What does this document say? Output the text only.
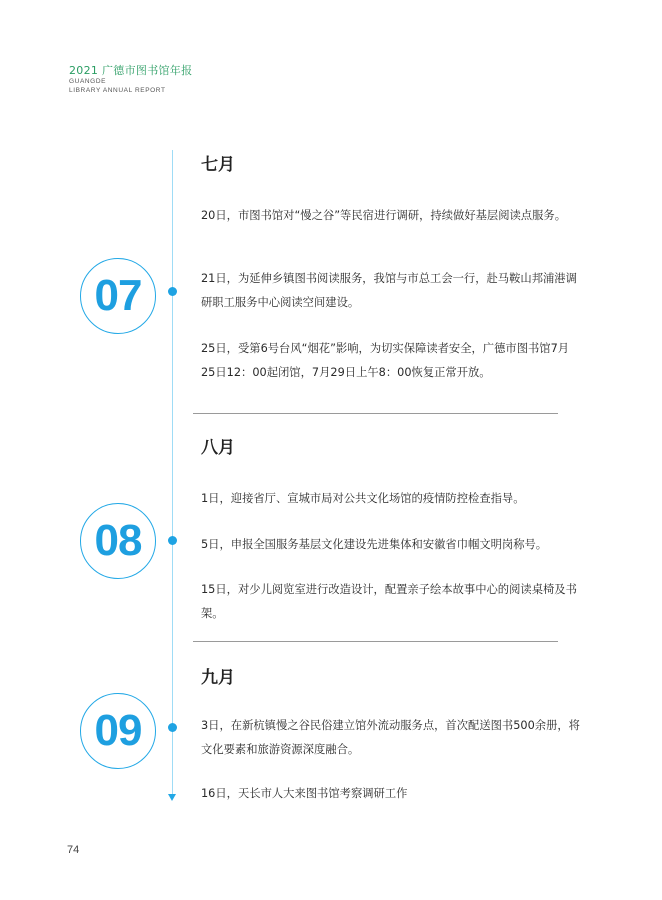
2021 广德市图书馆年报
GUANGDE
LIBRARY ANNUAL REPORT
07
七月
20日，市图书馆对“慢之谷”等民宿进行调研，持续做好基层阅读点服务。
21日，为延伸乡镇图书阅读服务，我馆与市总工会一行，赴马鞍山邦浦港调研职工服务中心阅读空间建设。
25日，受第6号台风“烟花”影响，为切实保障读者安全，广德市图书馆7月25日12：00起闭馆，7月29日上午8：00恢复正常开放。
08
八月
1日，迎接省厅、宣城市局对公共文化场馆的疫情防控检查指导。
5日，申报全国服务基层文化建设先进集体和安徽省巾帼文明岗称号。
15日，对少儿阅览室进行改造设计，配置亲子绘本故事中心的阅读桌椅及书架。
09
九月
3日，在新杭镇慢之谷民俗建立馆外流动服务点，首次配送图书500余册，将文化要素和旅游资源深度融合。
16日，天长市人大来图书馆考察调研工作
74
